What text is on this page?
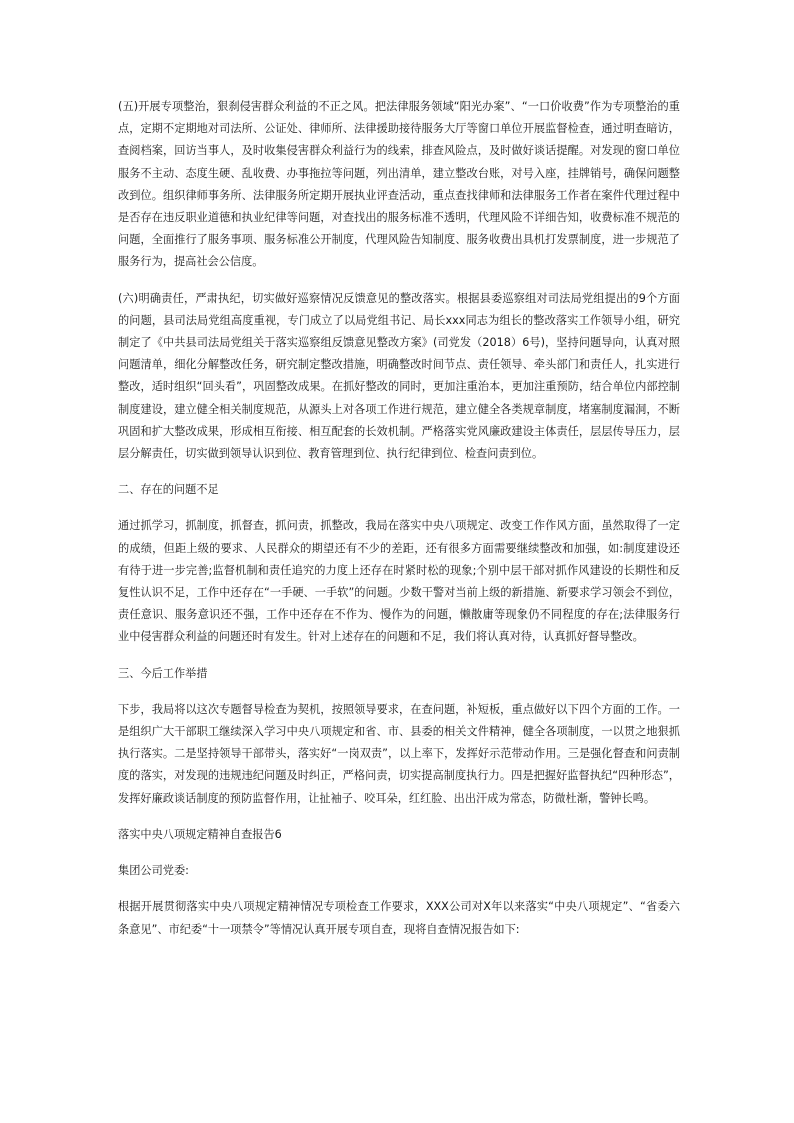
(五)开展专项整治，狠刹侵害群众利益的不正之风。把法律服务领域“阳光办案”、“一口价收费”作为专项整治的重点，定期不定期地对司法所、公证处、律师所、法律援助接待服务大厅等窗口单位开展监督检查，通过明查暗访，查阅档案，回访当事人，及时收集侵害群众利益行为的线索，排查风险点，及时做好谈话提醒。对发现的窗口单位服务不主动、态度生硬、乱收费、办事拖拉等问题，列出清单，建立整改台账，对号入座，挂牌销号，确保问题整改到位。组织律师事务所、法律服务所定期开展执业评查活动，重点查找律师和法律服务工作者在案件代理过程中是否存在违反职业道德和执业纪律等问题，对查找出的服务标准不透明，代理风险不详细告知，收费标准不规范的问题，全面推行了服务事项、服务标准公开制度，代理风险告知制度、服务收费出具机打发票制度，进一步规范了服务行为，提高社会公信度。

(六)明确责任，严肃执纪，切实做好巡察情况反馈意见的整改落实。根据县委巡察组对司法局党组提出的9个方面的问题，县司法局党组高度重视，专门成立了以局党组书记、局长xxx同志为组长的整改落实工作领导小组，研究制定了《中共县司法局党组关于落实巡察组反馈意见整改方案》(司党发（2018）6号)，坚持问题导向，认真对照问题清单，细化分解整改任务，研究制定整改措施，明确整改时间节点、责任领导、牵头部门和责任人，扎实进行整改，适时组织“回头看”，巩固整改成果。在抓好整改的同时，更加注重治本，更加注重预防，结合单位内部控制制度建设，建立健全相关制度规范，从源头上对各项工作进行规范，建立健全各类规章制度，堵塞制度漏洞，不断巩固和扩大整改成果，形成相互衔接、相互配套的长效机制。严格落实党风廉政建设主体责任，层层传导压力，层层分解责任，切实做到领导认识到位、教育管理到位、执行纪律到位、检查问责到位。

二、存在的问题不足

通过抓学习，抓制度，抓督查，抓问责，抓整改，我局在落实中央八项规定、改变工作作风方面，虽然取得了一定的成绩，但距上级的要求、人民群众的期望还有不少的差距，还有很多方面需要继续整改和加强，如:制度建设还有待于进一步完善;监督机制和责任追究的力度上还存在时紧时松的现象;个别中层干部对抓作风建设的长期性和反复性认识不足，工作中还存在“一手硬、一手软”的问题。少数干警对当前上级的新措施、新要求学习领会不到位，责任意识、服务意识还不强，工作中还存在不作为、慢作为的问题，懒散庸等现象仍不同程度的存在;法律服务行业中侵害群众利益的问题还时有发生。针对上述存在的问题和不足，我们将认真对待，认真抓好督导整改。

三、今后工作举措

下步，我局将以这次专题督导检查为契机，按照领导要求，在查问题，补短板，重点做好以下四个方面的工作。一是组织广大干部职工继续深入学习中央八项规定和省、市、县委的相关文件精神，健全各项制度，一以贯之地狠抓执行落实。二是坚持领导干部带头，落实好“一岗双责”，以上率下，发挥好示范带动作用。三是强化督查和问责制度的落实，对发现的违规违纪问题及时纠正，严格问责，切实提高制度执行力。四是把握好监督执纪“四种形态”，发挥好廉政谈话制度的预防监督作用，让扯袖子、咬耳朵，红红脸、出出汗成为常态，防微杜渐，警钟长鸣。

落实中央八项规定精神自查报告6

集团公司党委:

根据开展贯彻落实中央八项规定精神情况专项检查工作要求，XXX公司对X年以来落实“中央八项规定”、“省委六条意见”、市纪委“十一项禁令”等情况认真开展专项自查，现将自查情况报告如下:
